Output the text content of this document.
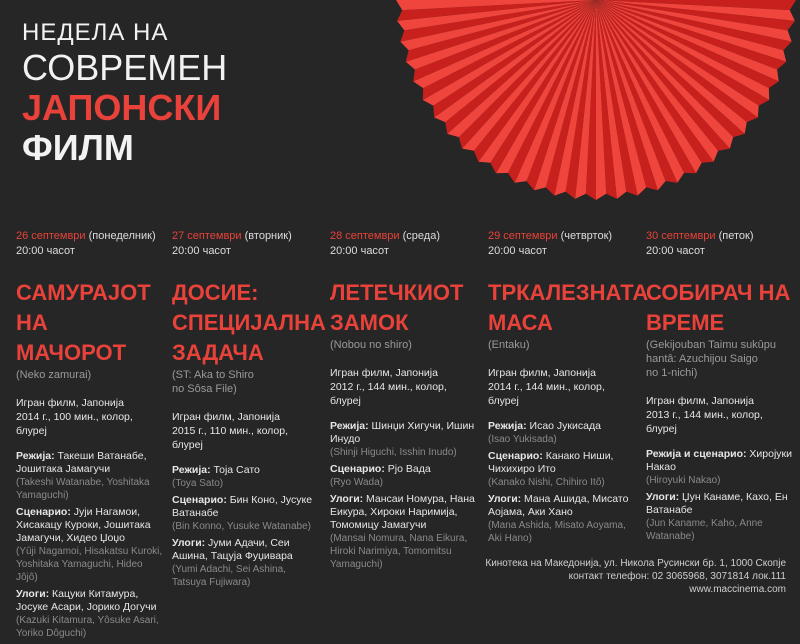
НЕДЕЛА НА
СОВРЕМЕН
ЈАПОНСКИ
ФИЛМ
26 септември (понеделник)
20:00 часот
САМУРАЈОТ НА
МАЧОРОТ
(Neko zamurai)
Игран филм, Јапонија
2014 г., 100 мин., колор, блуреј
Режија: Такеши Ватанабе, Јошитака Јамагучи
(Takeshi Watanabe, Yoshitaka Yamaguchi)
Сценарио: Јуји Нагамои, Хисакацу Куроки, Јошитака Јамагучи, Хидео Џоџо
(Yûji Nagamoi, Hisakatsu Kuroki, Yoshitaka Yamaguchi, Hideo Jôjô)
Улоги: Кацуки Китамура, Јосуке Асари, Јорико Догучи
(Kazuki Kitamura, Yôsuke Asari, Yoriko Dôguchi)
27 септември (вторник)
20:00 часот
ДОСИЕ:
СПЕЦИЈАЛНА
ЗАДАЧА
(ST: Aka to Shiro
no Sôsa File)
Игран филм, Јапонија
2015 г., 110 мин., колор, блурeј
Режија: Тоја Сато
(Toya Sato)
Сценарио: Бин Коно, Јусуке Ватанабе
(Bin Konno, Yusuke Watanabe)
Улоги: Јуми Адачи, Сеи Ашина, Тацуја Фуџивара
(Yumi Adachi, Sei Ashina, Tatsuya Fujiwara)
28 септември (среда)
20:00 часот
ЛЕТЕЧКИОТ
ЗАМОК
(Nobou no shiro)
Игран филм, Јапонија
2012 г., 144 мин., колор, блурeј
Режија: Шинџи Хигучи, Ишин Инудо
(Shinji Higuchi, Isshin Inudo)
Сценарио: Рјо Вада
(Ryo Wada)
Улоги: Мансаи Номура, Нана Еикура, Хироки Наримија, Томомицу Јамагучи
(Mansai Nomura, Nana Eikura, Hiroki Narimiya, Tomomitsu Yamaguchi)
29 септември (четврток)
20:00 часот
ТРКАЛЕЗНАТА
МАСА
(Entaku)
Игран филм, Јапонија
2014 г., 144 мин., колор, блурeј
Режија: Исао Јукисада
(Isao Yukisada)
Сценарио: Канако Ниши, Чихихиро Ито
(Kanako Nishi, Chihiro Itô)
Улоги: Мана Ашида, Мисато Аојама, Аки Хано
(Mana Ashida, Misato Aoyama, Aki Hano)
30 септември (петок)
20:00 часот
СОБИРАЧ НА
ВРЕМЕ
(Gekijouban Taimu sukûpu
hantâ: Azuchijou Saigo
no 1-nichi)
Игран филм, Јапонија
2013 г., 144 мин., колор, блурeј
Режија и сценарио: Хиројуки Накао
(Hiroyuki Nakao)
Улоги: Џун Канаме, Кахо, Ен Ватанабе
(Jun Kaname, Kaho, Anne Watanabe)
Кинотека на Македонија, ул. Никола Русински бр. 1, 1000 Скопје
контакт телефон: 02 3065968, 3071814 лок.111
www.maccinema.com
